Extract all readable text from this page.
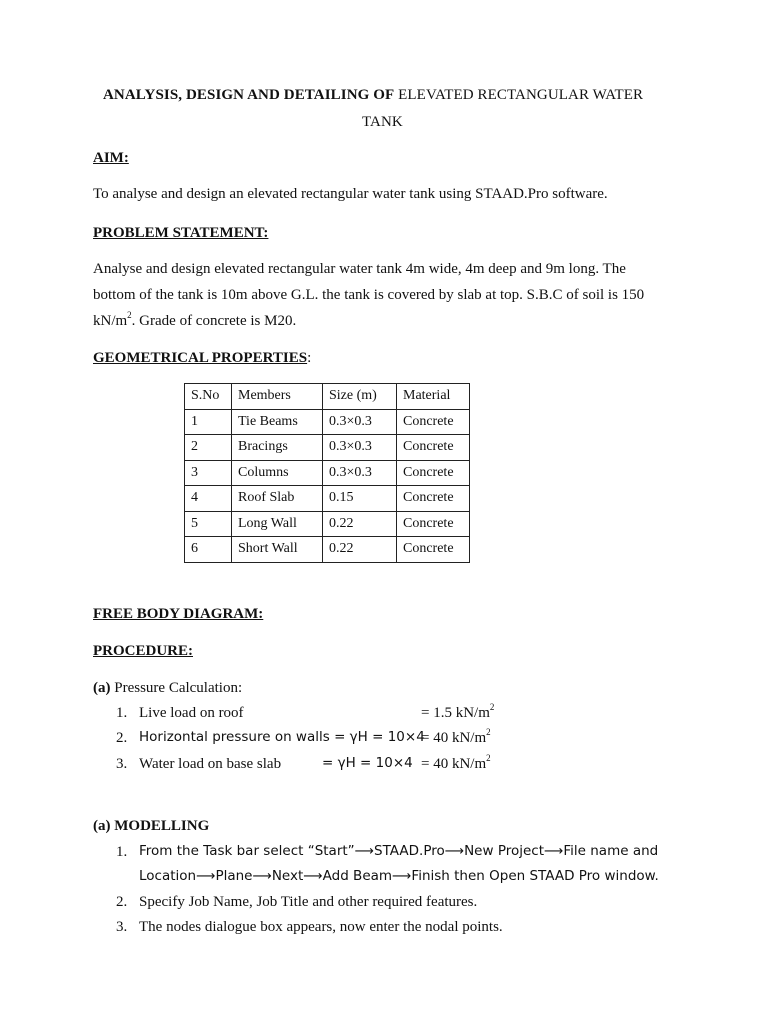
ANALYSIS, DESIGN AND DETAILING OF ELEVATED RECTANGULAR WATER
TANK
AIM:
To analyse and design an elevated rectangular water tank using STAAD.Pro software.
PROBLEM STATEMENT:
Analyse and design elevated rectangular water tank 4m wide, 4m deep and 9m long. The
bottom of the tank is 10m above G.L. the tank is covered by slab at top. S.B.C of soil is 150
$kN/m^2$. Grade of concrete is M20.
GEOMETRICAL PROPERTIES:
S.No	Members	Size (m)	Material
1	Tie Beams	0.3×0.3	Concrete
2	Bracings	0.3×0.3	Concrete
3	Columns	0.3×0.3	Concrete
4	Roof Slab	0.15	Concrete
5	Long Wall	0.22	Concrete
6	Short Wall	0.22	Concrete
FREE BODY DIAGRAM:
PROCEDURE:
(a) Pressure Calculation:
1. Live load on roof	= 1.5 $kN/m^2$
2. Horizontal pressure on walls = γH = 10×4
= 40 $kN/m^2$
3. Water load on base slab	= γH = 10×4 = 40 $kN/m^2$
(a) MODELLING
1. From the Task bar select “Start”⟶STAAD.Pro⟶New Project⟶File name and
Location⟶Plane⟶Next⟶Add Beam⟶Finish then Open STAAD Pro window.
2. Specify Job Name, Job Title and other required features.
3. The nodes dialogue box appears, now enter the nodal points.
